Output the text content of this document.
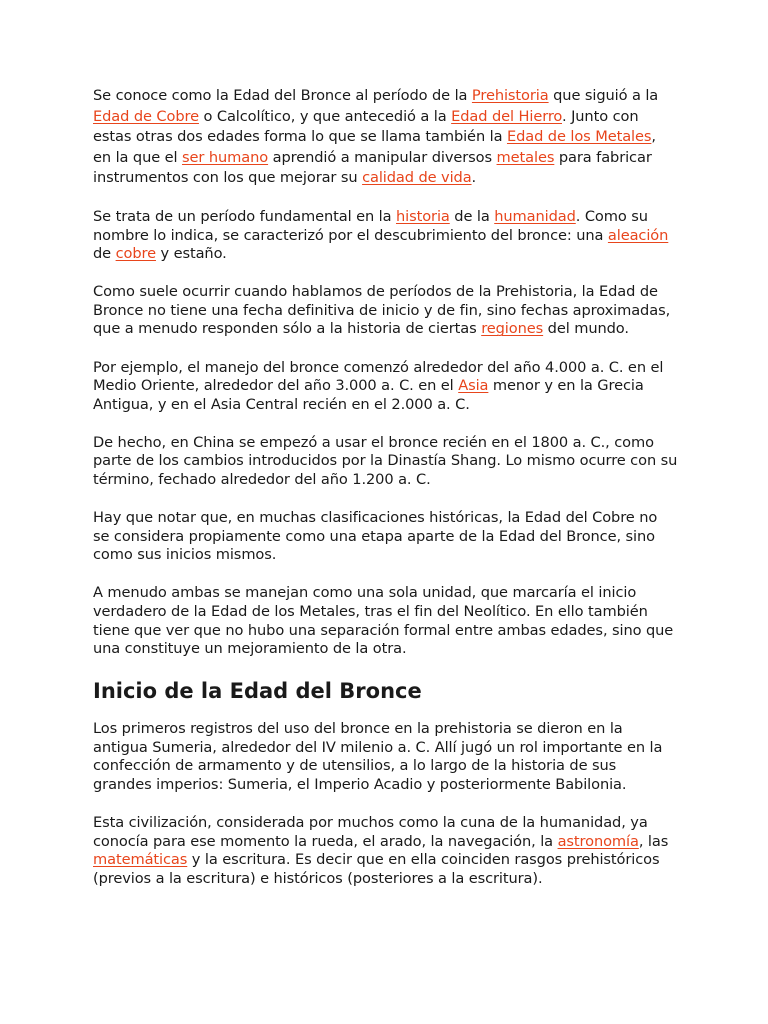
Se conoce como la Edad del Bronce al período de la Prehistoria que siguió a la Edad de Cobre o Calcolítico, y que antecedió a la Edad del Hierro. Junto con estas otras dos edades forma lo que se llama también la Edad de los Metales, en la que el ser humano aprendió a manipular diversos metales para fabricar instrumentos con los que mejorar su calidad de vida.

Se trata de un período fundamental en la historia de la humanidad. Como su nombre lo indica, se caracterizó por el descubrimiento del bronce: una aleación de cobre y estaño.

Como suele ocurrir cuando hablamos de períodos de la Prehistoria, la Edad de Bronce no tiene una fecha definitiva de inicio y de fin, sino fechas aproximadas, que a menudo responden sólo a la historia de ciertas regiones del mundo.

Por ejemplo, el manejo del bronce comenzó alrededor del año 4.000 a. C. en el Medio Oriente, alrededor del año 3.000 a. C. en el Asia menor y en la Grecia Antigua, y en el Asia Central recién en el 2.000 a. C.

De hecho, en China se empezó a usar el bronce recién en el 1800 a. C., como parte de los cambios introducidos por la Dinastía Shang. Lo mismo ocurre con su término, fechado alrededor del año 1.200 a. C.

Hay que notar que, en muchas clasificaciones históricas, la Edad del Cobre no se considera propiamente como una etapa aparte de la Edad del Bronce, sino como sus inicios mismos.

A menudo ambas se manejan como una sola unidad, que marcaría el inicio verdadero de la Edad de los Metales, tras el fin del Neolítico. En ello también tiene que ver que no hubo una separación formal entre ambas edades, sino que una constituye un mejoramiento de la otra.

Inicio de la Edad del Bronce

Los primeros registros del uso del bronce en la prehistoria se dieron en la antigua Sumeria, alrededor del IV milenio a. C. Allí jugó un rol importante en la confección de armamento y de utensilios, a lo largo de la historia de sus grandes imperios: Sumeria, el Imperio Acadio y posteriormente Babilonia.

Esta civilización, considerada por muchos como la cuna de la humanidad, ya conocía para ese momento la rueda, el arado, la navegación, la astronomía, las matemáticas y la escritura. Es decir que en ella coinciden rasgos prehistóricos (previos a la escritura) e históricos (posteriores a la escritura).
